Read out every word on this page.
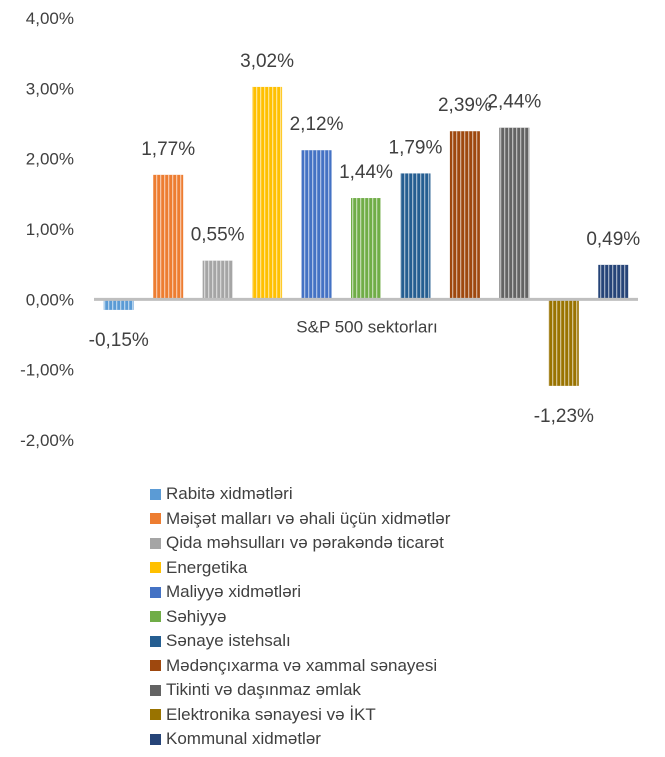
4,00%
3,00%
2,00%
1,00%
0,00%
-1,00%
-2,00%
-0,15%
1,77%
0,55%
3,02%
2,12%
1,44%
1,79%
2,39%
2,44%
-1,23%
0,49%
S&P 500 sektorları
Rabitə xidmətləri
Məişət malları və əhali üçün xidmətlər
Qida məhsulları və pərakəndə ticarət
Energetika
Maliyyə xidmətləri
Səhiyyə
Sənaye istehsalı
Mədənçıxarma və xammal sənayesi
Tikinti və daşınmaz əmlak
Elektronika sənayesi və İKT
Kommunal xidmətlər
